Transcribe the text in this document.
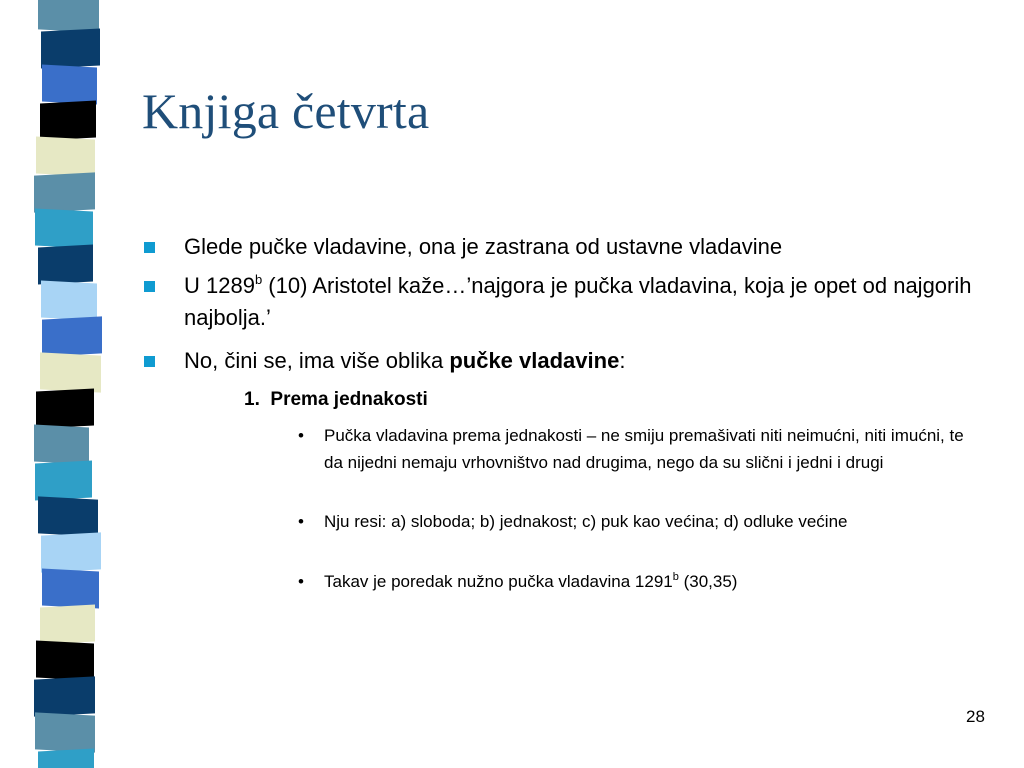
Knjiga četvrta
Glede pučke vladavine, ona je zastrana od ustavne vladavine
U 1289$^b$ (10) Aristotel kaže…’najgora je pučka vladavina, koja je opet od najgorih najbolja.’
No, čini se, ima više oblika pučke vladavine:
1. Prema jednakosti
• Pučka vladavina prema jednakosti – ne smiju premašivati niti neimućni, niti imućni, te da nijedni nemaju vrhovništvo nad drugima, nego da su slični i jedni i drugi
• Nju resi: a) sloboda; b) jednakost; c) puk kao većina; d) odluke većine
• Takav je poredak nužno pučka vladavina 1291$^b$ (30,35)
28
